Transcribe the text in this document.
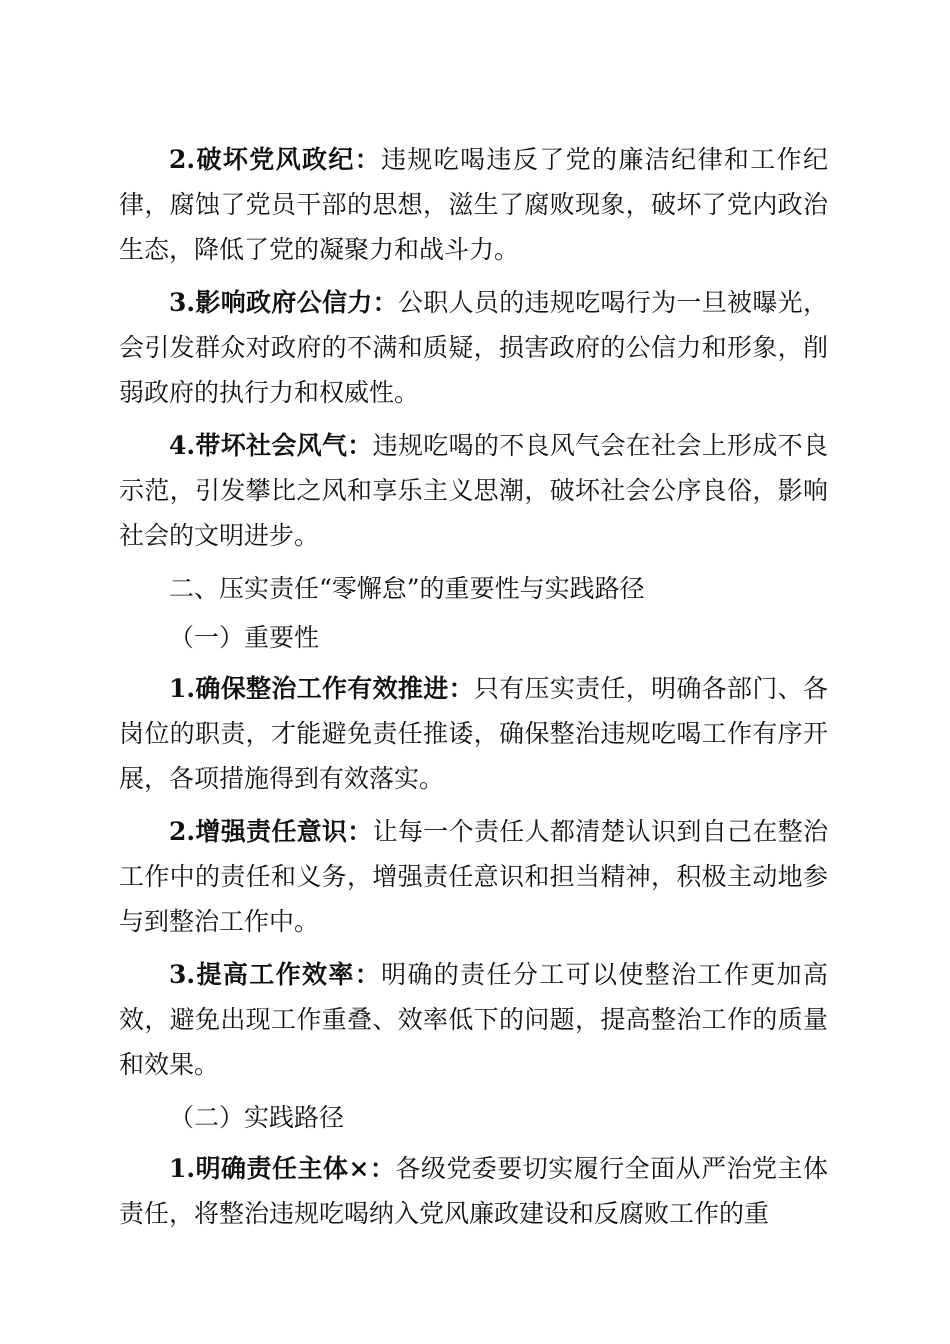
2.破坏党风政纪：违规吃喝违反了党的廉洁纪律和工作纪律，腐蚀了党员干部的思想，滋生了腐败现象，破坏了党内政治生态，降低了党的凝聚力和战斗力。

3.影响政府公信力：公职人员的违规吃喝行为一旦被曝光，会引发群众对政府的不满和质疑，损害政府的公信力和形象，削弱政府的执行力和权威性。

4.带坏社会风气：违规吃喝的不良风气会在社会上形成不良示范，引发攀比之风和享乐主义思潮，破坏社会公序良俗，影响社会的文明进步。

二、压实责任“零懈怠”的重要性与实践路径

（一）重要性

1.确保整治工作有效推进：只有压实责任，明确各部门、各岗位的职责，才能避免责任推诿，确保整治违规吃喝工作有序开展，各项措施得到有效落实。

2.增强责任意识：让每一个责任人都清楚认识到自己在整治工作中的责任和义务，增强责任意识和担当精神，积极主动地参与到整治工作中。

3.提高工作效率：明确的责任分工可以使整治工作更加高效，避免出现工作重叠、效率低下的问题，提高整治工作的质量和效果。

（二）实践路径

1.明确责任主体×：各级党委要切实履行全面从严治党主体责任，将整治违规吃喝纳入党风廉政建设和反腐败工作的重
